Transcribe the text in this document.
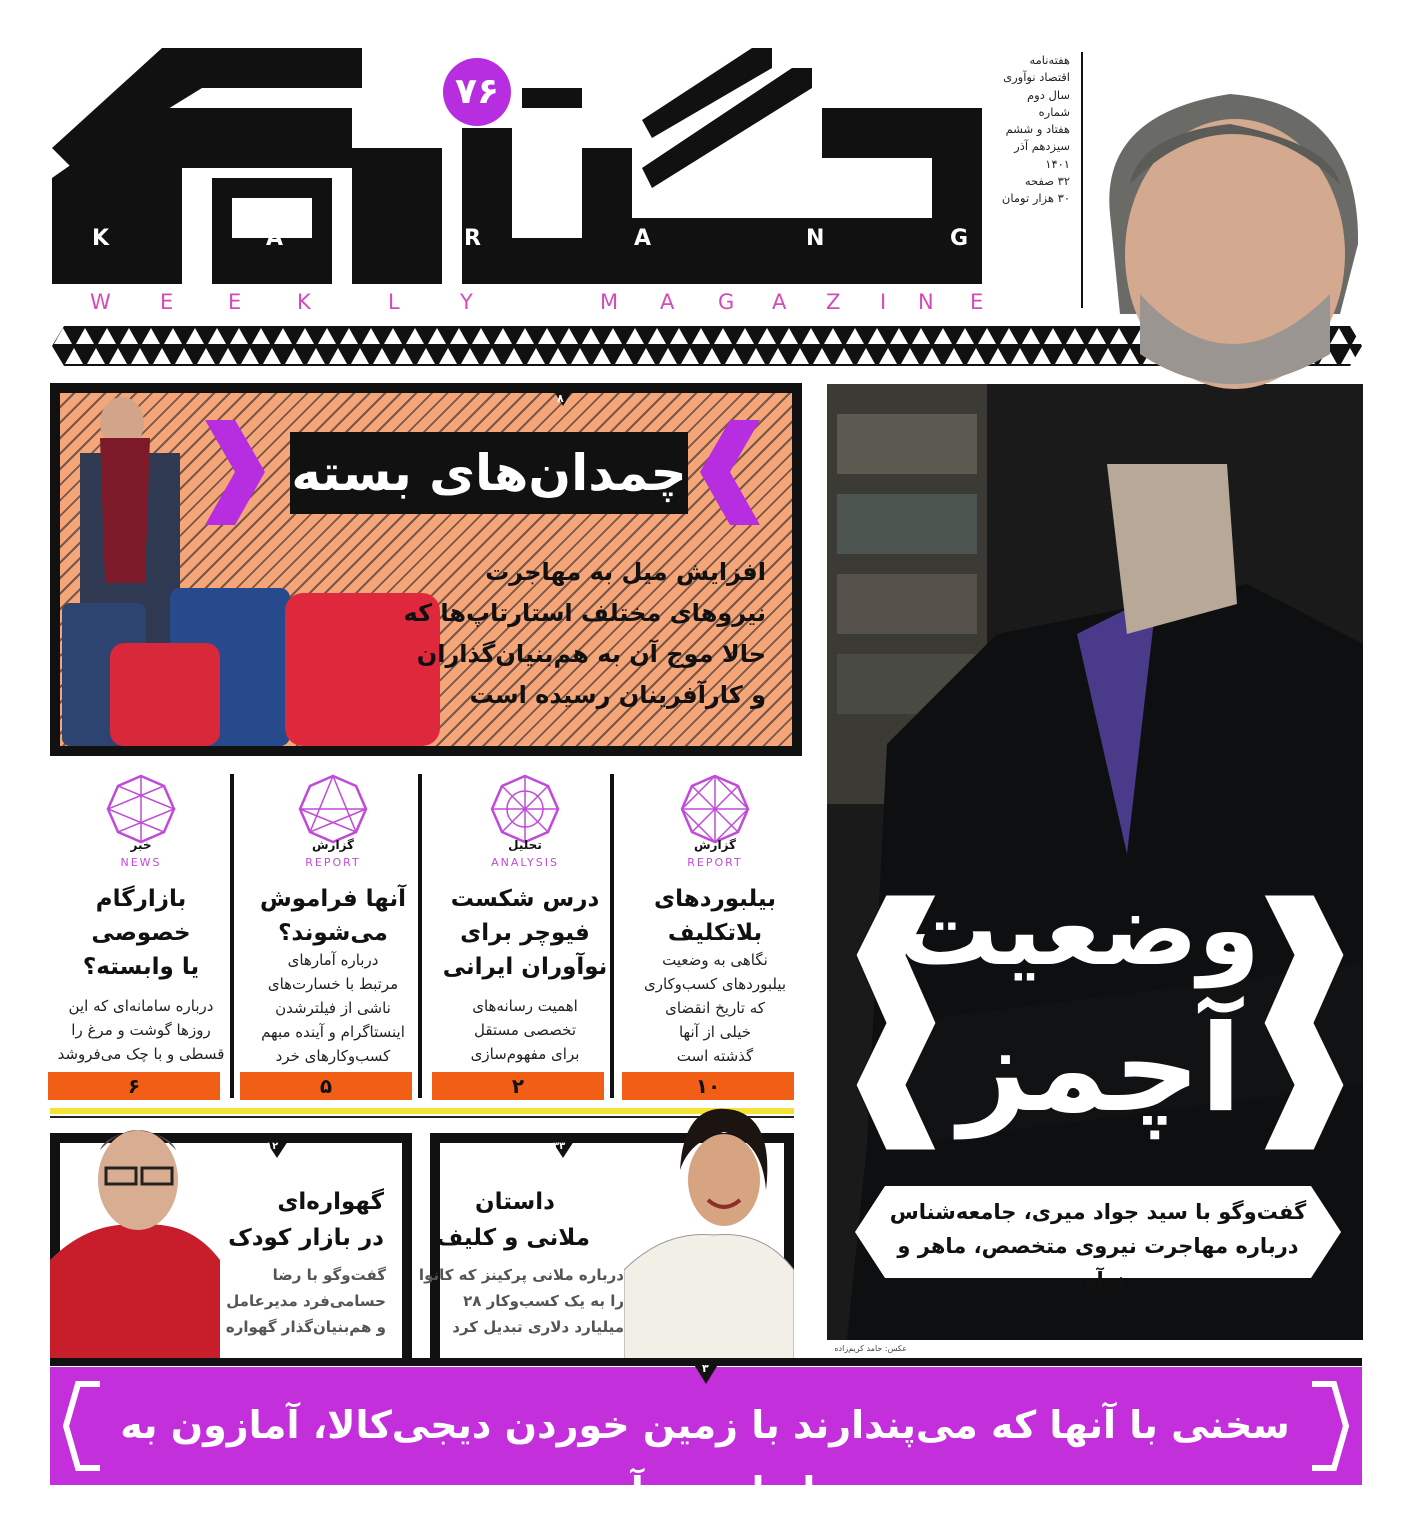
۷۶
K	A	R	A	N	G
W E	E	K	L	Y	M A G A Z I N E
هفته‌نامه
اقتصاد نوآوری
سال دوم
شماره
هفتاد و ششم
سیزدهم آذر
۱۴۰۱
۳۲ صفحه
۳۰ هزار تومان
عکس: حامد کریم‌زاده
وضعیت
آچمز
گفت‌وگو با سید جواد میری، جامعه‌شناس
درباره مهاجرت نیروی متخصص، ماهر و نوآور
۸
چمدان‌های بسته
افزایش میل به مهاجرت
نیروهای مختلف استارتاپ‌ها که
حالا موج آن به هم‌بنیان‌گذاران
و کارآفرینان رسیده است
گزارش
REPORT
بیلبوردهای
بلاتکلیف
نگاهی به وضعیت
بیلبوردهای کسب‌وکاری
که تاریخ انقضای
خیلی از آنها
گذشته است
۱۰
تحلیل
ANALYSIS
درس شکست
فیوچر برای
نوآوران ایرانی
اهمیت رسانه‌های
تخصصی مستقل
برای مفهوم‌سازی
۲
گزارش
REPORT
آنها فراموش
می‌شوند؟
درباره آمارهای
مرتبط با خسارت‌های
ناشی از فیلترشدن
اینستاگرام و آینده مبهم
کسب‌وکارهای خرد
۵
خبر
NEWS
بازارگام
خصوصی
یا وابسته؟
درباره سامانه‌ای که این
روزها گوشت و مرغ را
قسطی و با چک می‌فروشد
۶
۱۲
گهواره‌ای
در بازار کودک
گفت‌وگو با رضا
حسامی‌فرد مدیرعامل
و هم‌بنیان‌گذار گهواره
۳۳
داستان
ملانی و کلیف
درباره ملانی پرکینز که کانوا
را به یک کسب‌وکار ۲۸
میلیارد دلاری تبدیل کرد
۳
سخنی با آنها که می‌پندارند با زمین خوردن دیجی‌کالا، آمازون به ایران می‌آید
